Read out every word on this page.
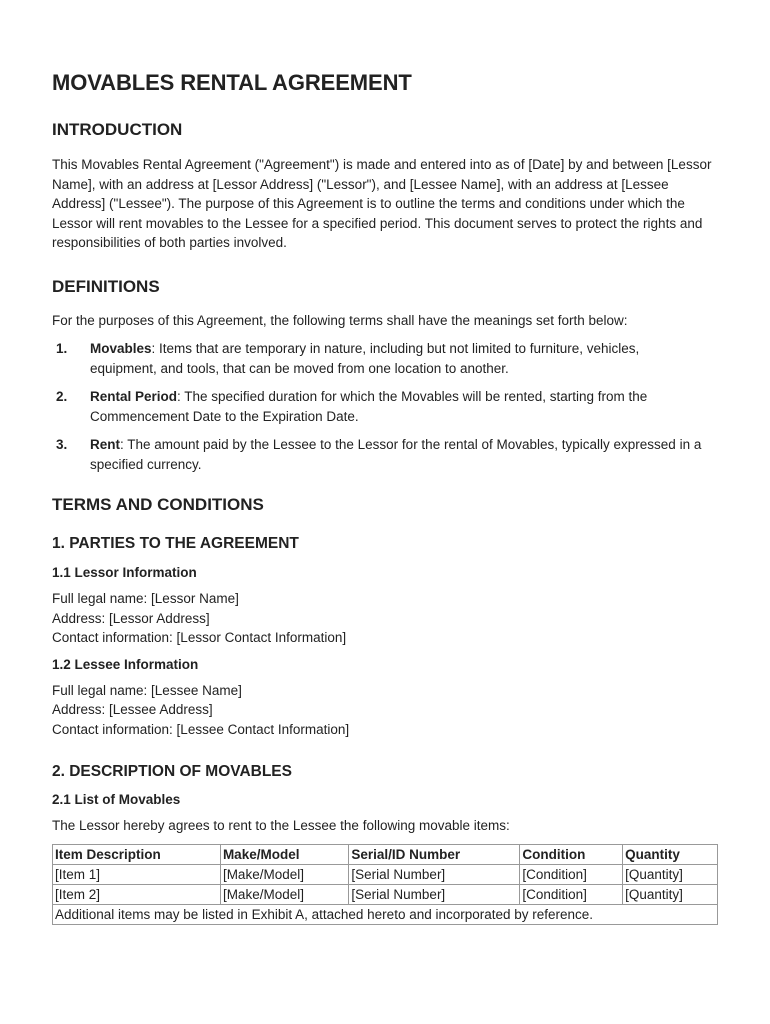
MOVABLES RENTAL AGREEMENT
INTRODUCTION

This Movables Rental Agreement ("Agreement") is made and entered into as of [Date] by and between [Lessor Name], with an address at [Lessor Address] ("Lessor"), and [Lessee Name], with an address at [Lessee Address] ("Lessee"). The purpose of this Agreement is to outline the terms and conditions under which the Lessor will rent movables to the Lessee for a specified period. This document serves to protect the rights and responsibilities of both parties involved.

DEFINITIONS

For the purposes of this Agreement, the following terms shall have the meanings set forth below:

1.	Movables: Items that are temporary in nature, including but not limited to furniture, vehicles, equipment, and tools, that can be moved from one location to another.
2.	Rental Period: The specified duration for which the Movables will be rented, starting from the Commencement Date to the Expiration Date.
3.	Rent: The amount paid by the Lessee to the Lessor for the rental of Movables, typically expressed in a specified currency.
TERMS AND CONDITIONS
1. PARTIES TO THE AGREEMENT
1.1 Lessor Information

Full legal name: [Lessor Name]

Address: [Lessor Address]

Contact information: [Lessor Contact Information]

1.2 Lessee Information

Full legal name: [Lessee Name]

Address: [Lessee Address]

Contact information: [Lessee Contact Information]

2. DESCRIPTION OF MOVABLES
2.1 List of Movables

The Lessor hereby agrees to rent to the Lessee the following movable items:

Item Description	Make/Model	Serial/ID Number	Condition	Quantity
[Item 1]	[Make/Model]	[Serial Number]	[Condition]	[Quantity]
[Item 2]	[Make/Model]	[Serial Number]	[Condition]	[Quantity]
Additional items may be listed in Exhibit A, attached hereto and incorporated by reference.				
